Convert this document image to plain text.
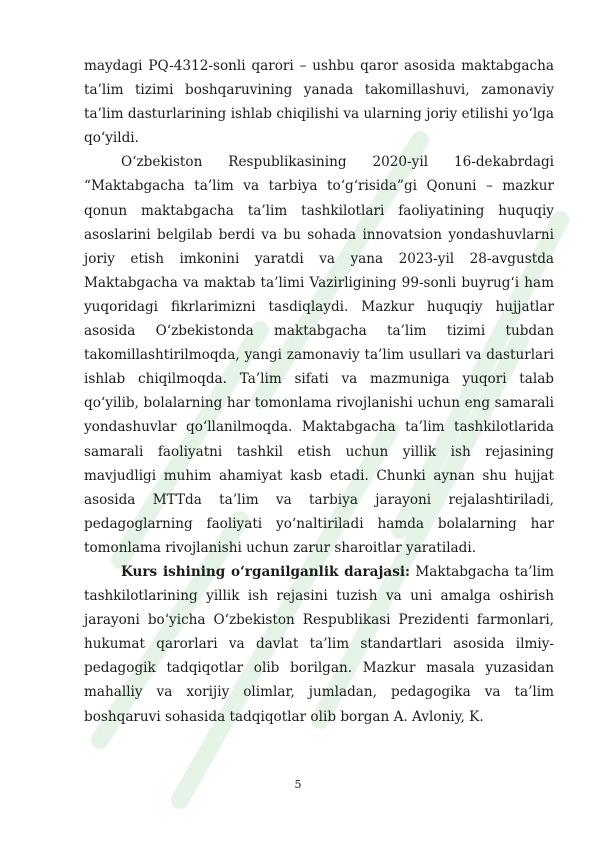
maydagi PQ-4312-sonli qarori – ushbu qaror asosida maktabgacha ta’lim tizimi boshqaruvining yanada takomillashuvi, zamonaviy ta’lim dasturlarining ishlab chiqilishi va ularning joriy etilishi yo‘lga qo‘yildi.

O‘zbekiston Respublikasining 2020-yil 16-dekabrdagi “Maktabgacha ta’lim va tarbiya to‘g‘risida”gi Qonuni – mazkur qonun maktabgacha ta’lim tashkilotlari faoliyatining huquqiy asoslarini belgilab berdi va bu sohada innovatsion yondashuvlarni joriy etish imkonini yaratdi va yana 2023-yil 28-avgustda Maktabgacha va maktab ta’limi Vazirligining 99-sonli buyrug‘i ham yuqoridagi fikrlarimizni tasdiqlaydi. Mazkur huquqiy hujjatlar asosida O‘zbekistonda maktabgacha ta’lim tizimi tubdan takomillashtirilmoqda, yangi zamonaviy ta’lim usullari va dasturlari ishlab chiqilmoqda. Ta’lim sifati va mazmuniga yuqori talab qo‘yilib, bolalarning har tomonlama rivojlanishi uchun eng samarali yondashuvlar qo‘llanilmoqda. Maktabgacha ta’lim tashkilotlarida samarali faoliyatni tashkil etish uchun yillik ish rejasining mavjudligi muhim ahamiyat kasb etadi. Chunki aynan shu hujjat asosida MTTda ta’lim va tarbiya jarayoni rejalashtiriladi, pedagoglarning faoliyati yo‘naltiriladi hamda bolalarning har tomonlama rivojlanishi uchun zarur sharoitlar yaratiladi.

Kurs ishining o‘rganilganlik darajasi: Maktabgacha ta’lim tashkilotlarining yillik ish rejasini tuzish va uni amalga oshirish jarayoni bo‘yicha O‘zbekiston Respublikasi Prezidenti farmonlari, hukumat qarorlari va davlat ta’lim standartlari asosida ilmiy-pedagogik tadqiqotlar olib borilgan. Mazkur masala yuzasidan mahalliy va xorijiy olimlar, jumladan, pedagogika va ta’lim boshqaruvi sohasida tadqiqotlar olib borgan A. Avloniy, K.

5
